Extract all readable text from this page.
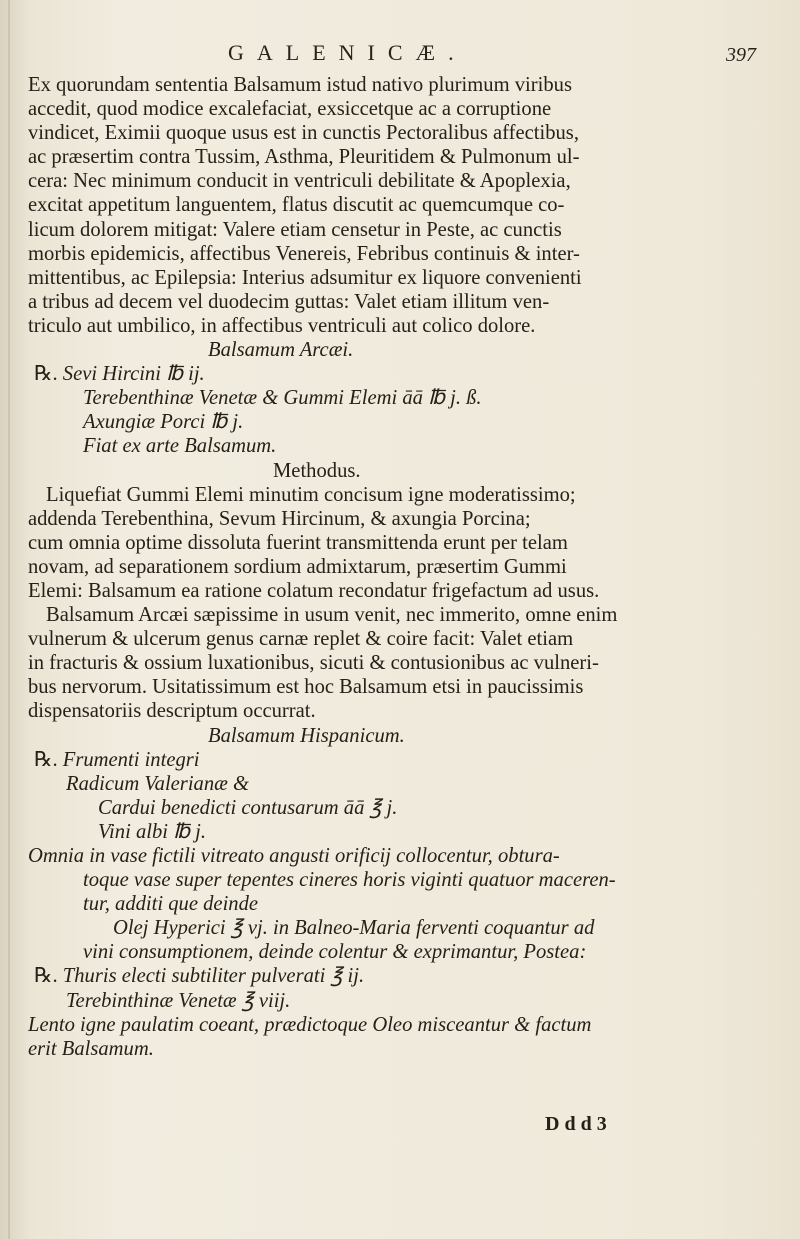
GALENICÆ.	397
Ex quorundam sententia Balsamum istud nativo plurimum viribus
accedit, quod modice excalefaciat, exsiccetque ac a corruptione
vindicet, Eximii quoque usus est in cunctis Pectoralibus affectibus,
ac præsertim contra Tussim, Asthma, Pleuritidem & Pulmonum ul-
cera: Nec minimum conducit in ventriculi debilitate & Apoplexia,
excitat appetitum languentem, flatus discutit ac quemcumque co-
licum dolorem mitigat: Valere etiam censetur in Peste, ac cunctis
morbis epidemicis, affectibus Venereis, Febribus continuis & inter-
mittentibus, ac Epilepsia: Interius adsumitur ex liquore convenienti
a tribus ad decem vel duodecim guttas: Valet etiam illitum ven-
triculo aut umbilico, in affectibus ventriculi aut colico dolore.
Balsamum Arcæi.
℞. Sevi Hircini ℔ ij.
Terebenthinæ Venetæ & Gummi Elemi āā ℔ j. ß.
Axungiæ Porci ℔ j.
Fiat ex arte Balsamum.
Methodus.
Liquefiat Gummi Elemi minutim concisum igne moderatissimo;
addenda Terebenthina, Sevum Hircinum, & axungia Porcina;
cum omnia optime dissoluta fuerint transmittenda erunt per telam
novam, ad separationem sordium admixtarum, præsertim Gummi
Elemi: Balsamum ea ratione colatum recondatur frigefactum ad usus.
Balsamum Arcæi sæpissime in usum venit, nec immerito, omne enim
vulnerum & ulcerum genus carnæ replet & coire facit: Valet etiam
in fracturis & ossium luxationibus, sicuti & contusionibus ac vulneri-
bus nervorum. Usitatissimum est hoc Balsamum etsi in paucissimis
dispensatoriis descriptum occurrat.
Balsamum Hispanicum.
℞. Frumenti integri
Radicum Valerianæ &
Cardui benedicti contusarum āā ℥ j.
Vini albi ℔ j.
Omnia in vase fictili vitreato angusti orificij collocentur, obtura-
toque vase super tepentes cineres horis viginti quatuor maceren-
tur, additi que deinde
Olej Hyperici ℥ vj. in Balneo-Maria ferventi coquantur ad
vini consumptionem, deinde colentur & exprimantur, Postea:
℞. Thuris electi subtiliter pulverati ℥ ij.
Terebinthinæ Venetæ ℥ viij.
Lento igne paulatim coeant, prædictoque Oleo misceantur & factum
erit Balsamum.
D d d 3
